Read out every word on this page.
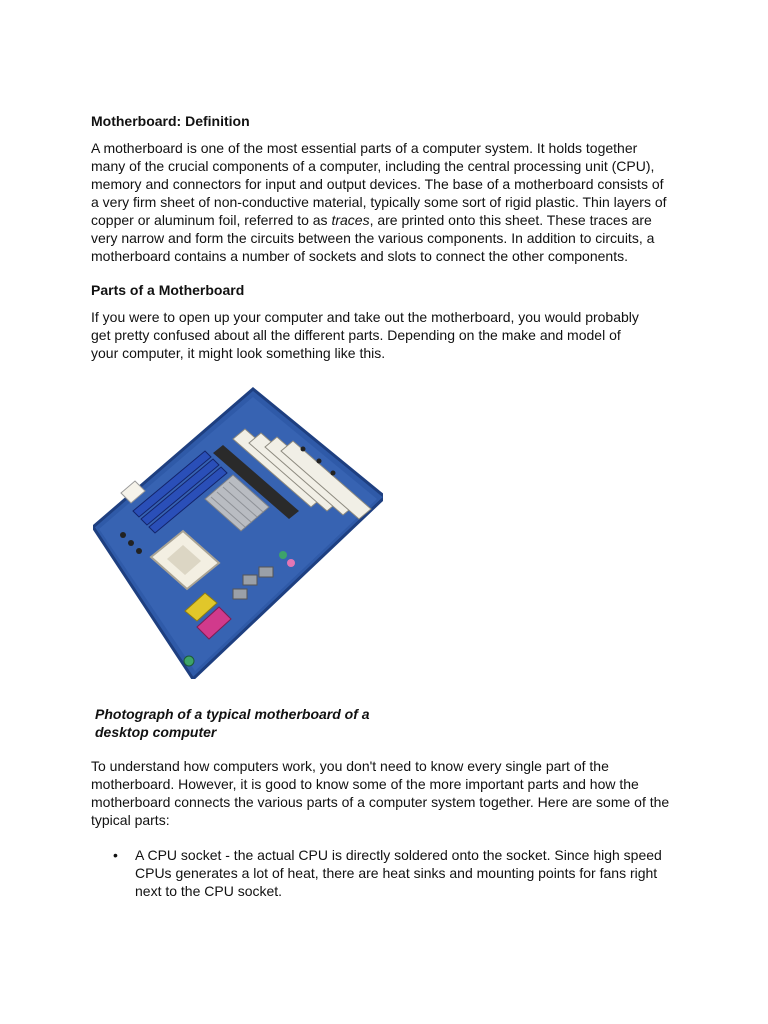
Motherboard: Definition

A motherboard is one of the most essential parts of a computer system. It holds together many of the crucial components of a computer, including the central processing unit (CPU), memory and connectors for input and output devices. The base of a motherboard consists of a very firm sheet of non-conductive material, typically some sort of rigid plastic. Thin layers of copper or aluminum foil, referred to as traces, are printed onto this sheet. These traces are very narrow and form the circuits between the various components. In addition to circuits, a motherboard contains a number of sockets and slots to connect the other components.

Parts of a Motherboard

If you were to open up your computer and take out the motherboard, you would probably get pretty confused about all the different parts. Depending on the make and model of your computer, it might look something like this.

Photograph of a typical motherboard of a desktop computer

To understand how computers work, you don't need to know every single part of the motherboard. However, it is good to know some of the more important parts and how the motherboard connects the various parts of a computer system together. Here are some of the typical parts:

• A CPU socket - the actual CPU is directly soldered onto the socket. Since high speed CPUs generates a lot of heat, there are heat sinks and mounting points for fans right next to the CPU socket.
